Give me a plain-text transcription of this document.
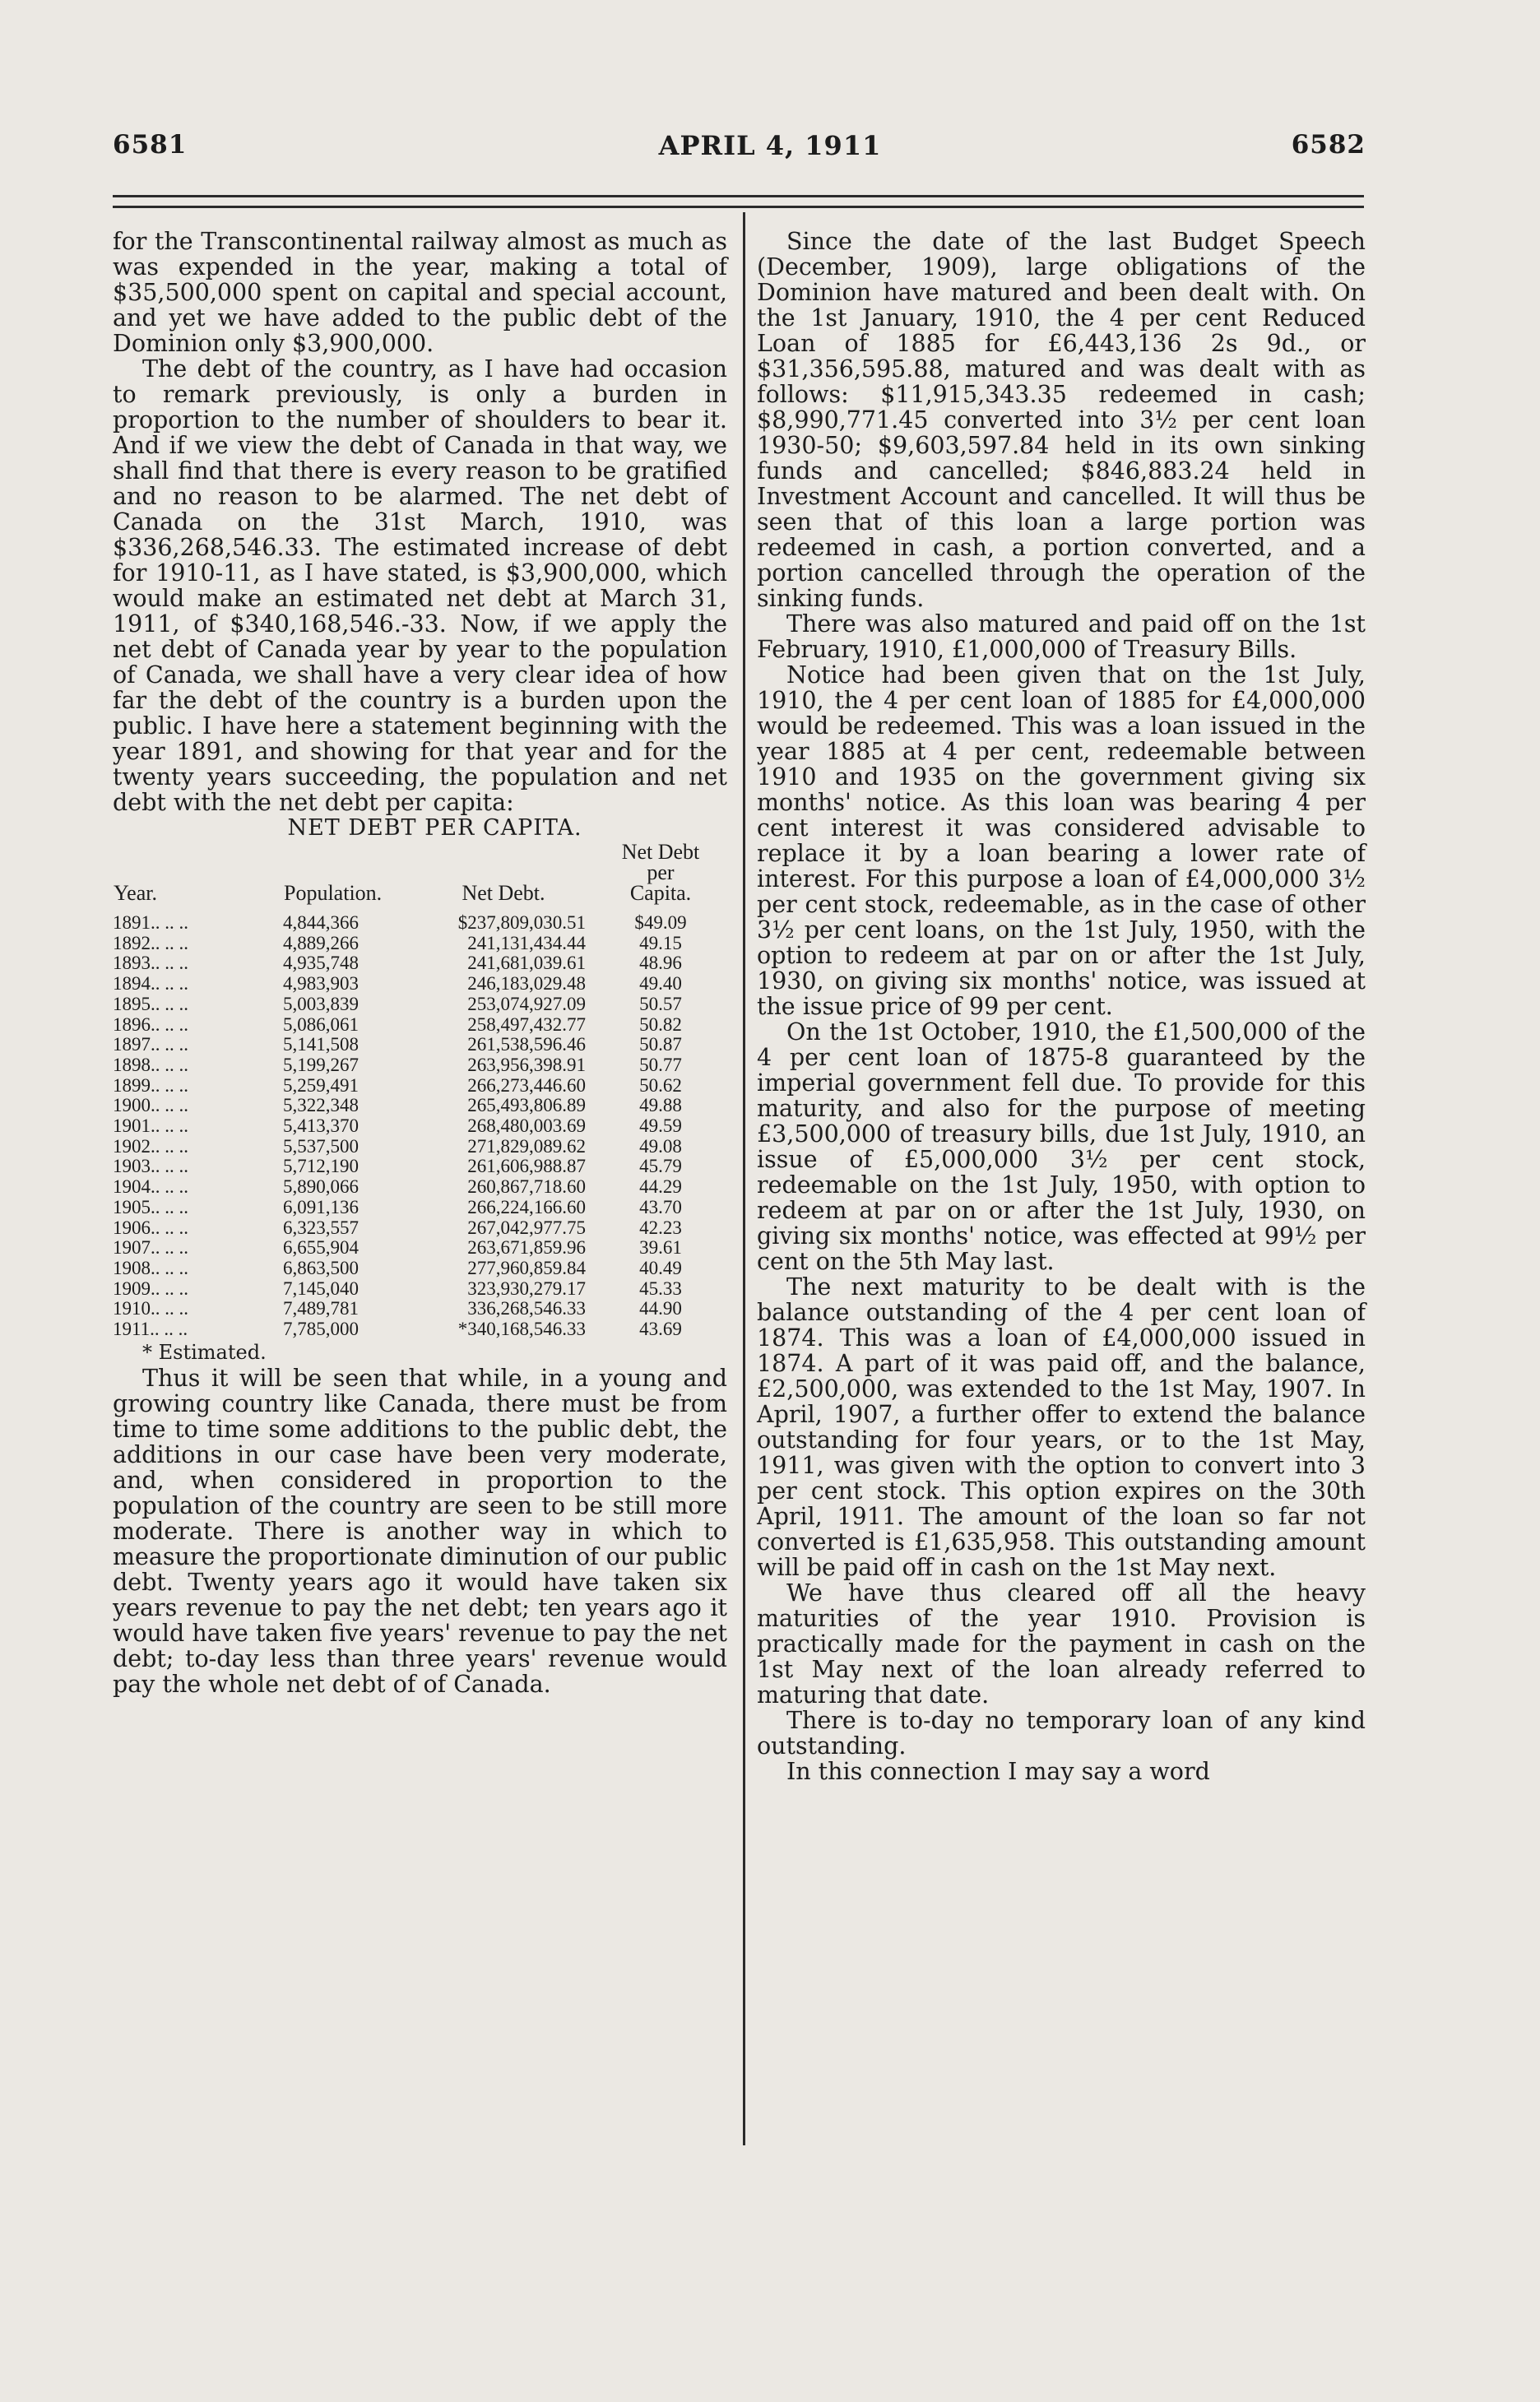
6581	APRIL 4, 1911	6582

for the Transcontinental railway almost as much as was expended in the year, making a total of $35,500,000 spent on capital and special account, and yet we have added to the public debt of the Dominion only $3,900,000.

The debt of the country, as I have had occasion to remark previously, is only a burden in proportion to the number of shoulders to bear it. And if we view the debt of Canada in that way, we shall find that there is every reason to be gratified and no reason to be alarmed. The net debt of Canada on the 31st March, 1910, was $336,268,546.33. The estimated increase of debt for 1910-11, as I have stated, is $3,900,000, which would make an estimated net debt at March 31, 1911, of $340,168,546.-33. Now, if we apply the net debt of Canada year by year to the population of Canada, we shall have a very clear idea of how far the debt of the country is a burden upon the public. I have here a statement beginning with the year 1891, and showing for that year and for the twenty years succeeding, the population and net debt with the net debt per capita:

NET DEBT PER CAPITA.

Year.	Population.	Net Debt.	Net Debt
per
Capita.
1891.. .. ..	4,844,366	$237,809,030.51	$49.09
1892.. .. ..	4,889,266	241,131,434.44	49.15
1893.. .. ..	4,935,748	241,681,039.61	48.96
1894.. .. ..	4,983,903	246,183,029.48	49.40
1895.. .. ..	5,003,839	253,074,927.09	50.57
1896.. .. ..	5,086,061	258,497,432.77	50.82
1897.. .. ..	5,141,508	261,538,596.46	50.87
1898.. .. ..	5,199,267	263,956,398.91	50.77
1899.. .. ..	5,259,491	266,273,446.60	50.62
1900.. .. ..	5,322,348	265,493,806.89	49.88
1901.. .. ..	5,413,370	268,480,003.69	49.59
1902.. .. ..	5,537,500	271,829,089.62	49.08
1903.. .. ..	5,712,190	261,606,988.87	45.79
1904.. .. ..	5,890,066	260,867,718.60	44.29
1905.. .. ..	6,091,136	266,224,166.60	43.70
1906.. .. ..	6,323,557	267,042,977.75	42.23
1907.. .. ..	6,655,904	263,671,859.96	39.61
1908.. .. ..	6,863,500	277,960,859.84	40.49
1909.. .. ..	7,145,040	323,930,279.17	45.33
1910.. .. ..	7,489,781	336,268,546.33	44.90
1911.. .. ..	7,785,000	*340,168,546.33	43.69

* Estimated.

Thus it will be seen that while, in a young and growing country like Canada, there must be from time to time some additions to the public debt, the additions in our case have been very moderate, and, when considered in proportion to the population of the country are seen to be still more moderate. There is another way in which to measure the proportionate diminution of our public debt. Twenty years ago it would have taken six years revenue to pay the net debt; ten years ago it would have taken five years' revenue to pay the net debt; to-day less than three years' revenue would pay the whole net debt of of Canada.

Since the date of the last Budget Speech (December, 1909), large obligations of the Dominion have matured and been dealt with. On the 1st January, 1910, the 4 per cent Reduced Loan of 1885 for £6,443,136 2s 9d., or $31,356,595.88, matured and was dealt with as follows: $11,915,343.35 redeemed in cash; $8,990,771.45 converted into 3½ per cent loan 1930-50; $9,603,597.84 held in its own sinking funds and cancelled; $846,883.24 held in Investment Account and cancelled. It will thus be seen that of this loan a large portion was redeemed in cash, a portion converted, and a portion cancelled through the operation of the sinking funds.

There was also matured and paid off on the 1st February, 1910, £1,000,000 of Treasury Bills.

Notice had been given that on the 1st July, 1910, the 4 per cent loan of 1885 for £4,000,000 would be redeemed. This was a loan issued in the year 1885 at 4 per cent, redeemable between 1910 and 1935 on the government giving six months' notice. As this loan was bearing 4 per cent interest it was considered advisable to replace it by a loan bearing a lower rate of interest. For this purpose a loan of £4,000,000 3½ per cent stock, redeemable, as in the case of other 3½ per cent loans, on the 1st July, 1950, with the option to redeem at par on or after the 1st July, 1930, on giving six months' notice, was issued at the issue price of 99 per cent.

On the 1st October, 1910, the £1,500,000 of the 4 per cent loan of 1875-8 guaranteed by the imperial government fell due. To provide for this maturity, and also for the purpose of meeting £3,500,000 of treasury bills, due 1st July, 1910, an issue of £5,000,000 3½ per cent stock, redeemable on the 1st July, 1950, with option to redeem at par on or after the 1st July, 1930, on giving six months' notice, was effected at 99½ per cent on the 5th May last.

The next maturity to be dealt with is the balance outstanding of the 4 per cent loan of 1874. This was a loan of £4,000,000 issued in 1874. A part of it was paid off, and the balance, £2,500,000, was extended to the 1st May, 1907. In April, 1907, a further offer to extend the balance outstanding for four years, or to the 1st May, 1911, was given with the option to convert into 3 per cent stock. This option expires on the 30th April, 1911. The amount of the loan so far not converted is £1,635,958. This outstanding amount will be paid off in cash on the 1st May next.

We have thus cleared off all the heavy maturities of the year 1910. Provision is practically made for the payment in cash on the 1st May next of the loan already referred to maturing that date.

There is to-day no temporary loan of any kind outstanding.

In this connection I may say a word
